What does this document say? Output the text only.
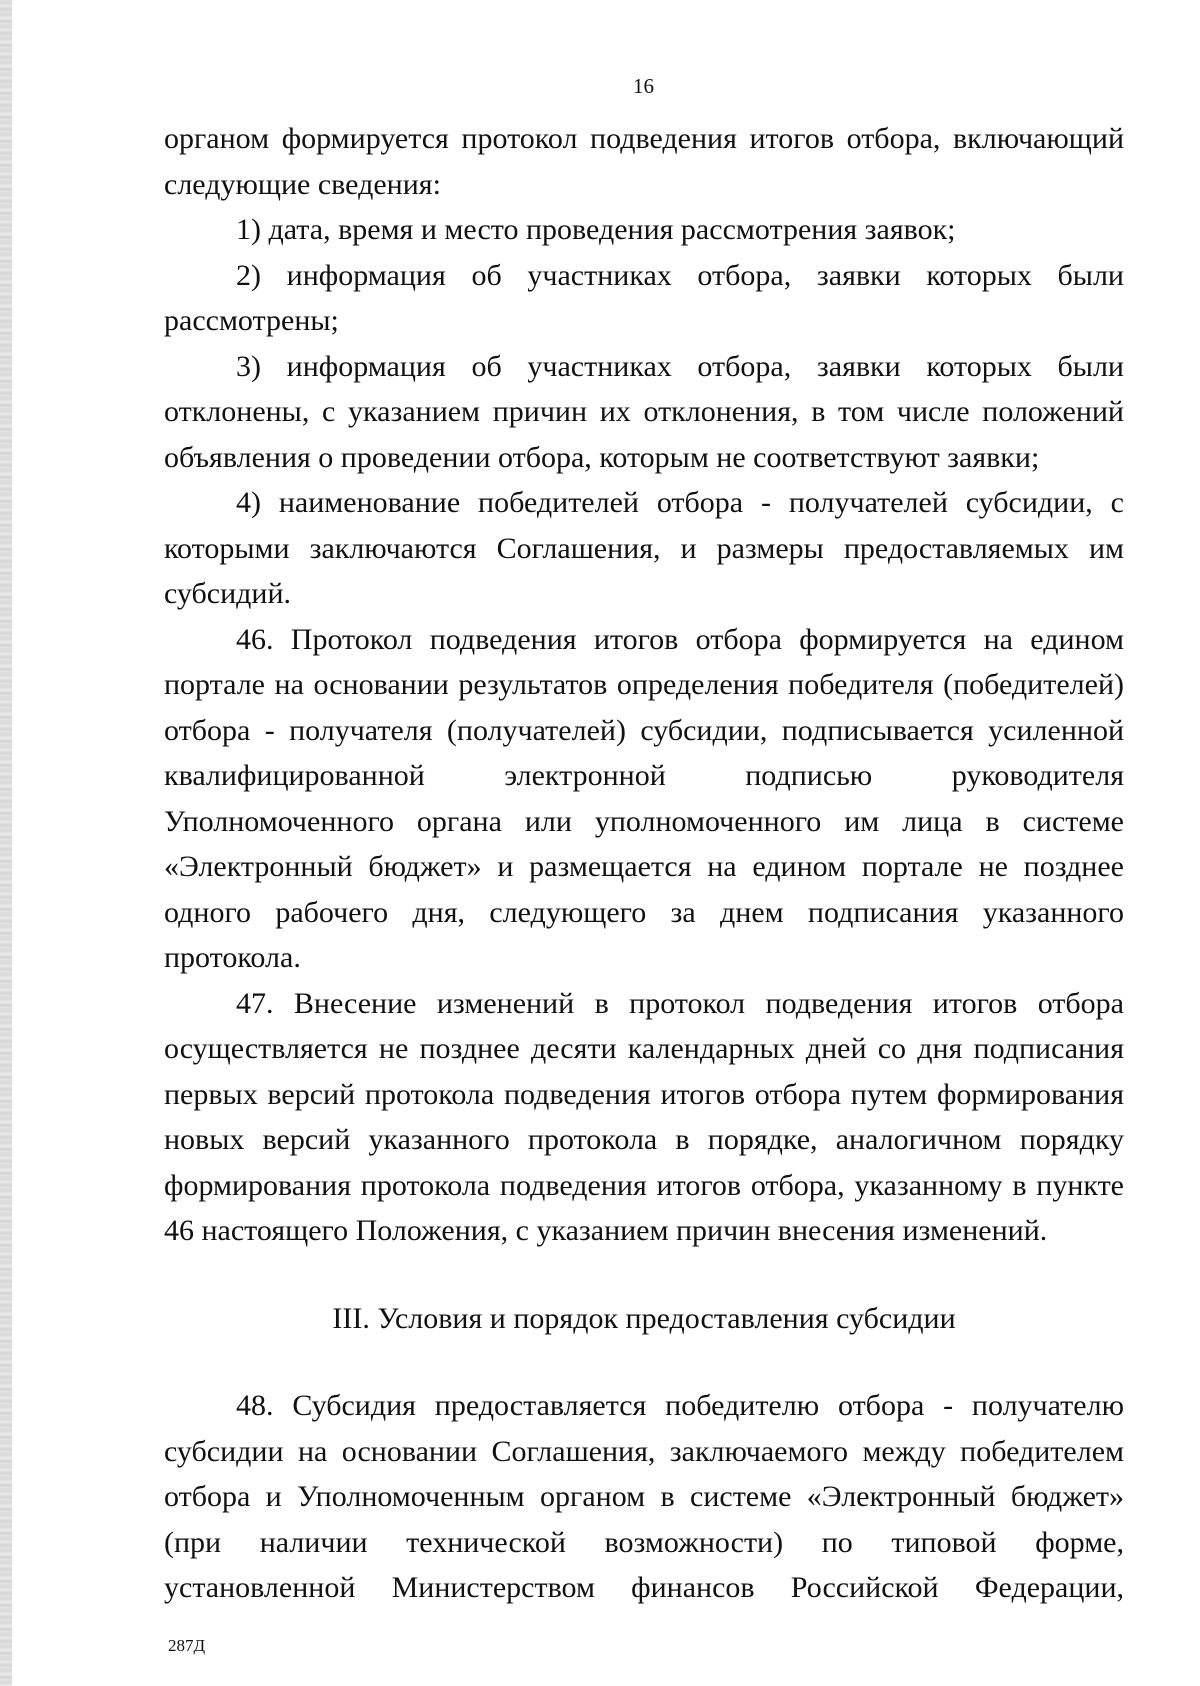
16

органом формируется протокол подведения итогов отбора, включающий следующие сведения:

1) дата, время и место проведения рассмотрения заявок;

2) информация об участниках отбора, заявки которых были рассмотрены;

3) информация об участниках отбора, заявки которых были отклонены, с указанием причин их отклонения, в том числе положений объявления о проведении отбора, которым не соответствуют заявки;

4) наименование победителей отбора - получателей субсидии, с которыми заключаются Соглашения, и размеры предоставляемых им субсидий.

46. Протокол подведения итогов отбора формируется на едином портале на основании результатов определения победителя (победителей) отбора - получателя (получателей) субсидии, подписывается усиленной квалифицированной электронной подписью руководителя Уполномоченного органа или уполномоченного им лица в системе «Электронный бюджет» и размещается на едином портале не позднее одного рабочего дня, следующего за днем подписания указанного протокола.

47. Внесение изменений в протокол подведения итогов отбора осуществляется не позднее десяти календарных дней со дня подписания первых версий протокола подведения итогов отбора путем формирования новых версий указанного протокола в порядке, аналогичном порядку формирования протокола подведения итогов отбора, указанному в пункте 46 настоящего Положения, с указанием причин внесения изменений.

III. Условия и порядок предоставления субсидии

48. Субсидия предоставляется победителю отбора - получателю субсидии на основании Соглашения, заключаемого между победителем отбора и Уполномоченным органом в системе «Электронный бюджет» (при наличии технической возможности) по типовой форме, установленной Министерством финансов Российской Федерации,

287Д
